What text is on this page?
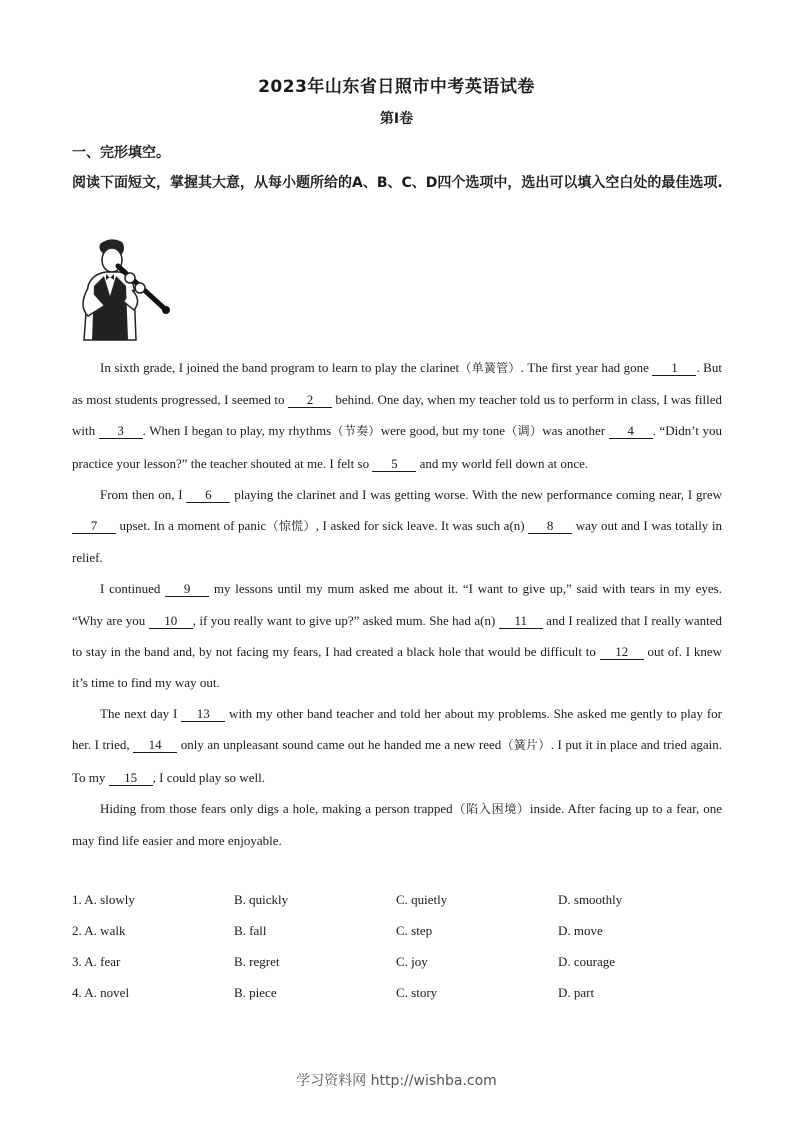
2023年山东省日照市中考英语试卷
第I卷
一、完形填空。
阅读下面短文，掌握其大意，从每小题所给的A、B、C、D四个选项中，选出可以填入空白处的最佳选项.

In sixth grade, I joined the band program to learn to play the clarinet（单簧管）. The first year had gone 1 . But as most students progressed, I seemed to 2 behind. One day, when my teacher told us to perform in class, I was filled with 3 . When I began to play, my rhythms（节奏）were good, but my tone（调）was another 4 . “Didn’t you practice your lesson?” the teacher shouted at me. I felt so 5 and my world fell down at once.

From then on, I 6 playing the clarinet and I was getting worse. With the new performance coming near, I grew 7 upset. In a moment of panic（惊慌）, I asked for sick leave. It was such a(n) 8 way out and I was totally in relief.

I continued 9 my lessons until my mum asked me about it. “I want to give up,” said with tears in my eyes. “Why are you 10 , if you really want to give up?” asked mum. She had a(n) 11 and I realized that I really wanted to stay in the band and, by not facing my fears, I had created a black hole that would be difficult to 12 out of. I knew it’s time to find my way out.

The next day I 13 with my other band teacher and told her about my problems. She asked me gently to play for her. I tried, 14 only an unpleasant sound came out he handed me a new reed（簧片）. I put it in place and tried again. To my 15 , I could play so well.

Hiding from those fears only digs a hole, making a person trapped（陷入困境）inside. After facing up to a fear, one may find life easier and more enjoyable.

1. A. slowly	B. quickly	C. quietly	D. smoothly
2. A. walk	B. fall	C. step	D. move
3. A. fear	B. regret	C. joy	D. courage
4. A. novel	B. piece	C. story	D. part
学习资料网 http://wishba.com
